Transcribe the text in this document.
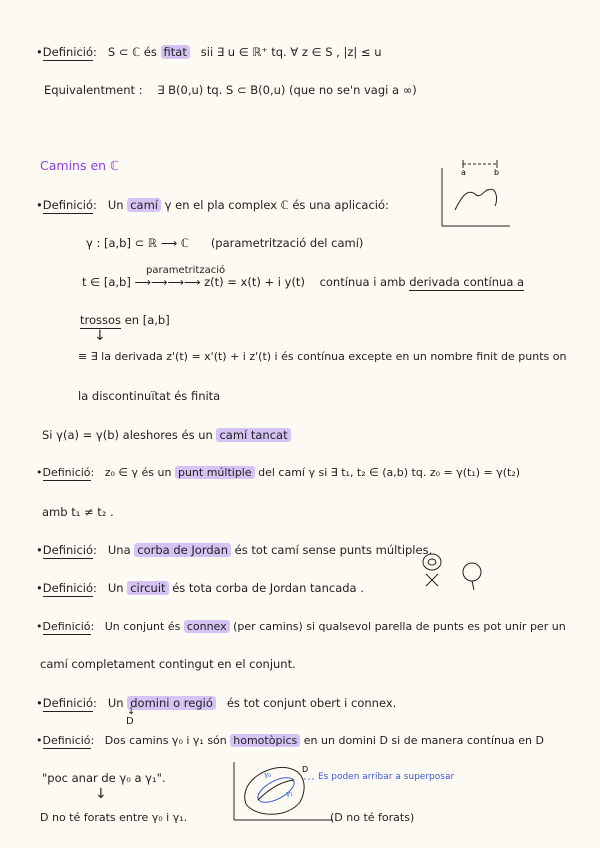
•Definició: S ⊂ ℂ és fitat sii ∃ u ∈ ℝ⁺ tq. ∀ z ∈ S , |z| ≤ u
Equivalentment : ∃ B(0,u) tq. S ⊂ B(0,u) (que no se'n vagi a ∞)
Camins en ℂ	a	b
•Definició: Un camí γ en el pla complex ℂ és una aplicació:
γ : [a,b] ⊂ ℝ ⟶ ℂ (parametrització del camí)
parametrització
t ∈ [a,b] ⟶⟶⟶⟶ z(t) = x(t) + i y(t) contínua i amb derivada contínua a
trossos en [a,b]
↓
≡ ∃ la derivada z'(t) = x'(t) + i z'(t) i és contínua excepte en un nombre finit de punts on
la discontinuïtat és finita
Si γ(a) = γ(b) aleshores és un camí tancat
•Definició: z₀ ∈ γ és un punt múltiple del camí γ si ∃ t₁, t₂ ∈ (a,b) tq. z₀ = γ(t₁) = γ(t₂)
amb t₁ ≠ t₂ .
•Definició: Una corba de Jordan és tot camí sense punts múltiples.
•Definició: Un circuit és tota corba de Jordan tancada .
•Definició: Un conjunt és connex (per camins) si qualsevol parella de punts es pot unir per un
camí completament contingut en el conjunt.
•Definició: Un domini o regió és tot conjunt obert i connex.
↓
D
•Definició: Dos camins γ₀ i γ₁ són homotòpics en un domini D si de manera contínua en D
"poc anar de γ₀ a γ₁".
↓
D no té forats entre γ₀ i γ₁.
γ₀
γ₁
D
Es poden arribar a superposar
(D no té forats)
